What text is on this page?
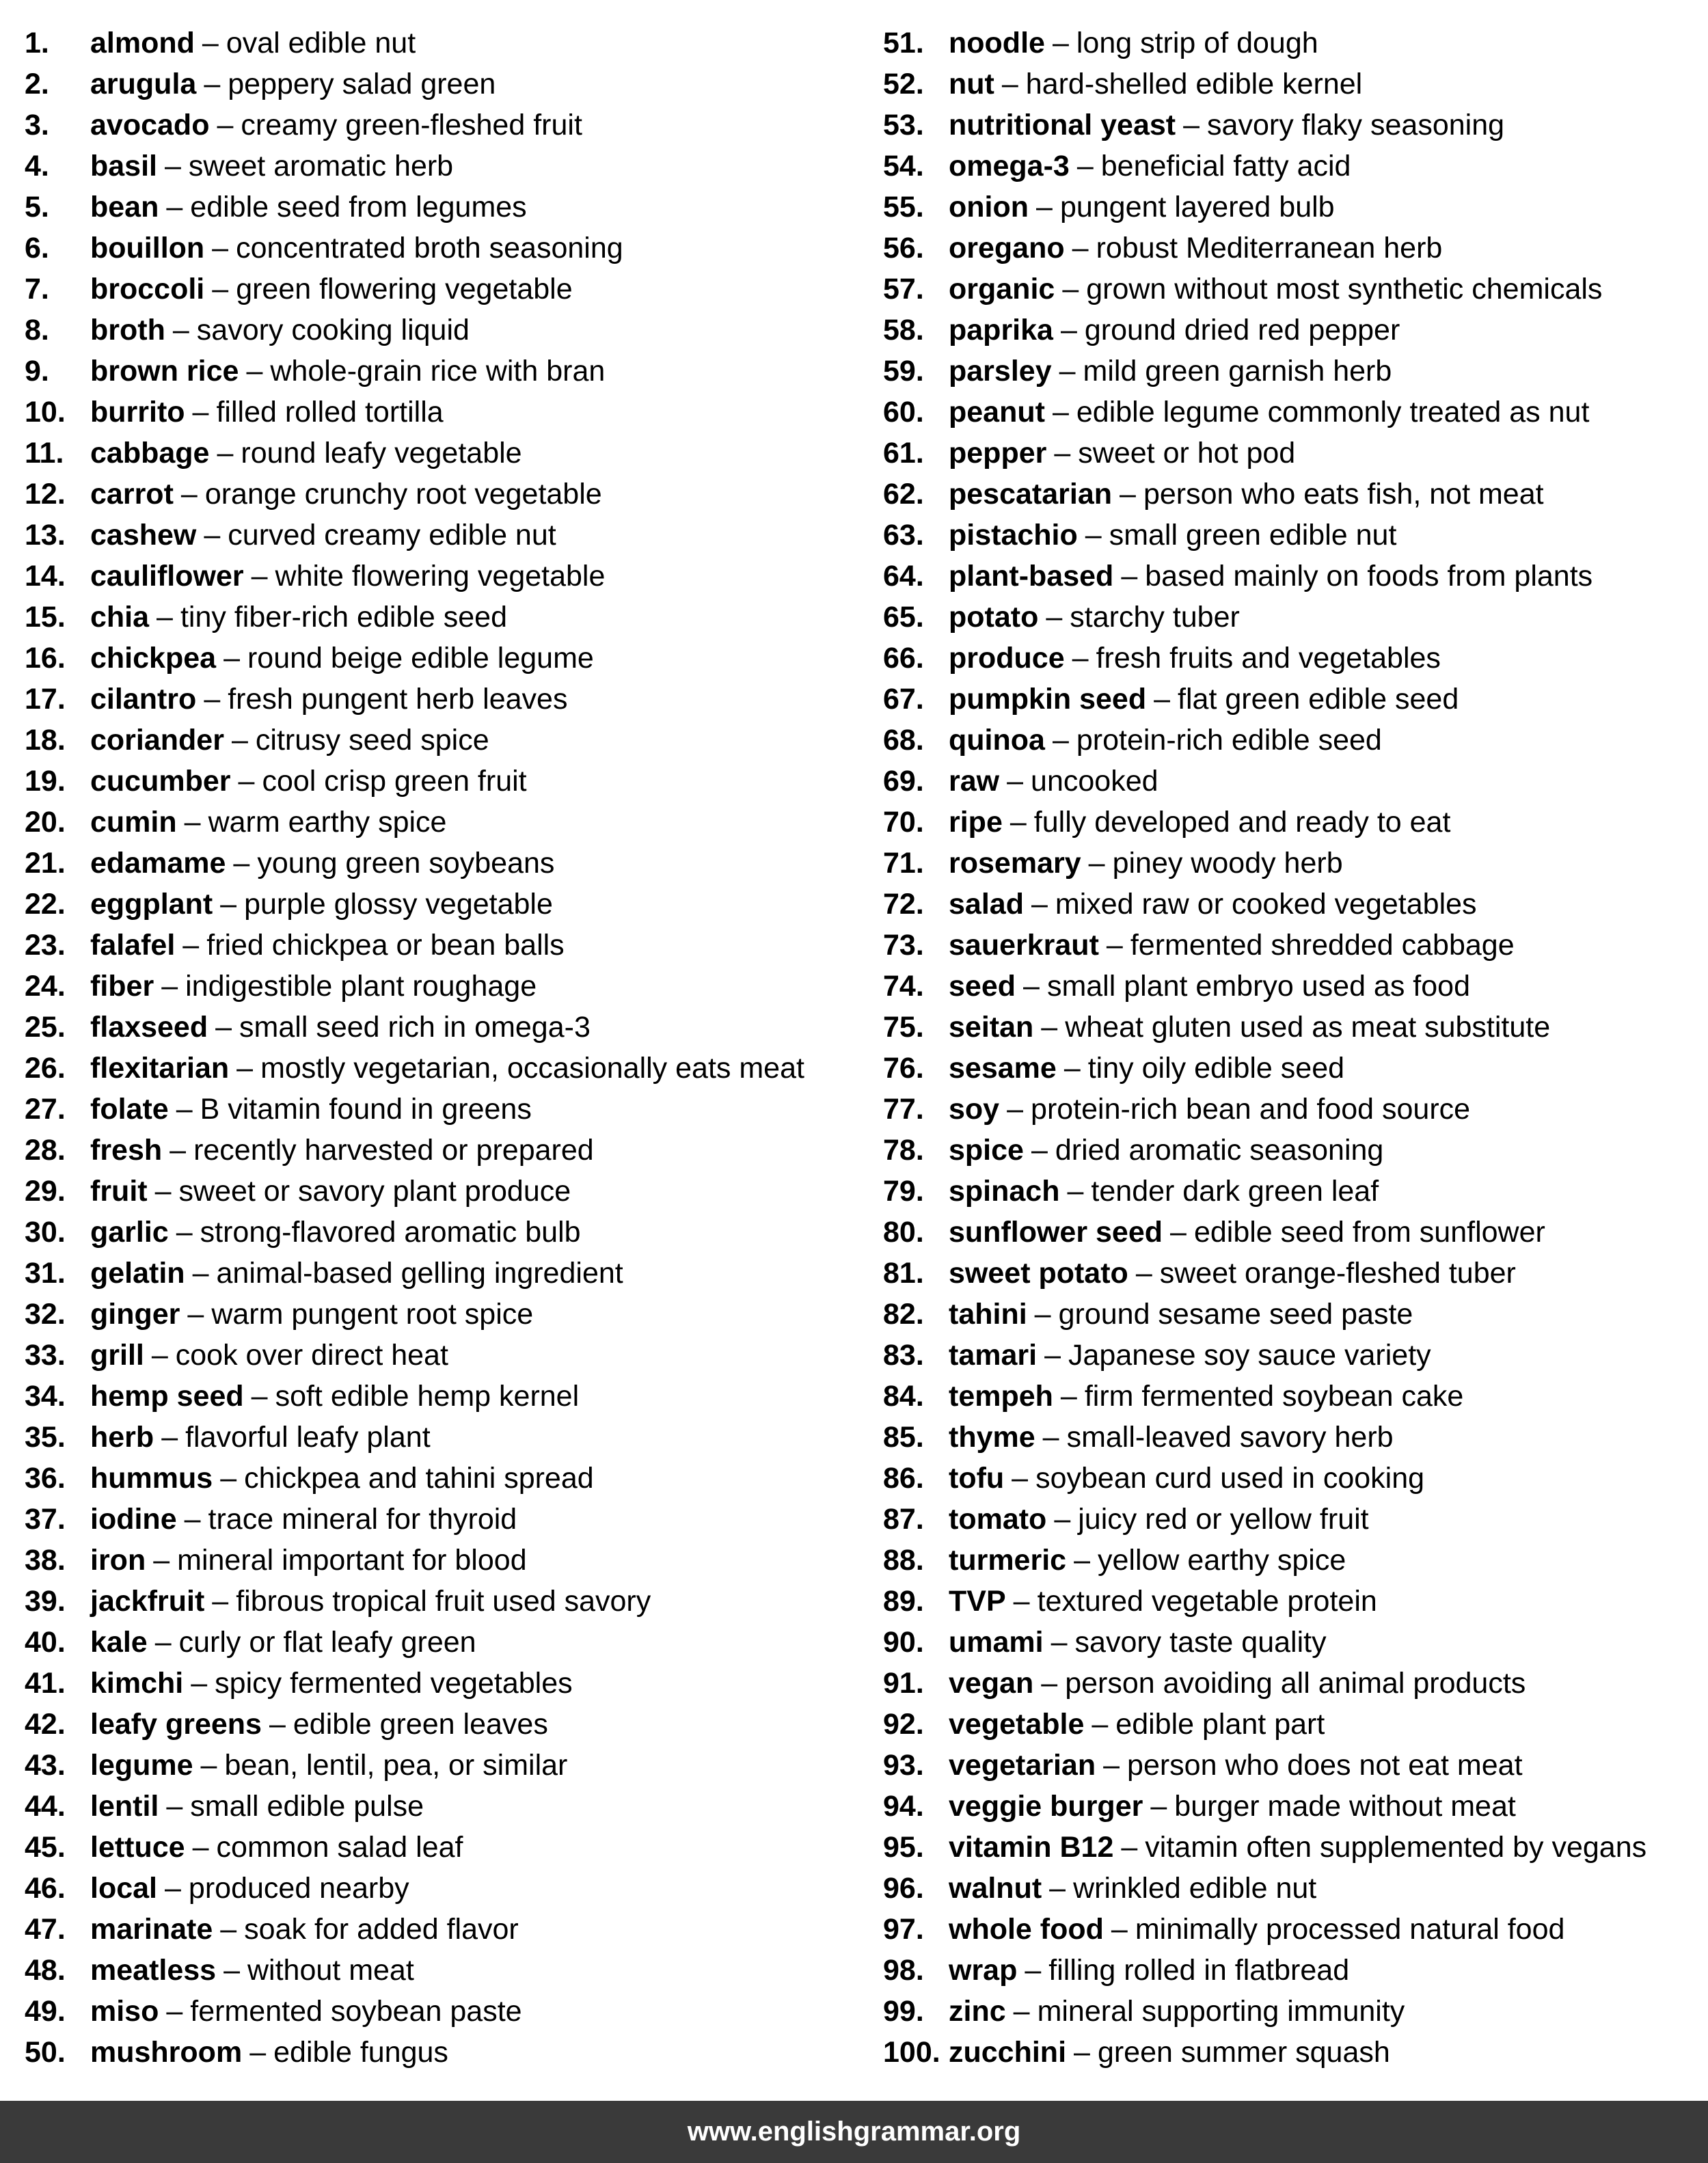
1.	almond – oval edible nut
2.	arugula – peppery salad green
3.	avocado – creamy green-fleshed fruit
4.	basil – sweet aromatic herb
5.	bean – edible seed from legumes
6.	bouillon – concentrated broth seasoning
7.	broccoli – green flowering vegetable
8.	broth – savory cooking liquid
9.	brown rice – whole-grain rice with bran
10. burrito – filled rolled tortilla
11. cabbage – round leafy vegetable
12. carrot – orange crunchy root vegetable
13. cashew – curved creamy edible nut
14. cauliflower – white flowering vegetable
15. chia – tiny fiber-rich edible seed
16. chickpea – round beige edible legume
17. cilantro – fresh pungent herb leaves
18. coriander – citrusy seed spice
19. cucumber – cool crisp green fruit
20. cumin – warm earthy spice
21. edamame – young green soybeans
22. eggplant – purple glossy vegetable
23. falafel – fried chickpea or bean balls
24. fiber – indigestible plant roughage
25. flaxseed – small seed rich in omega-3
26. flexitarian – mostly vegetarian, occasionally eats meat
27. folate – B vitamin found in greens
28. fresh – recently harvested or prepared
29. fruit – sweet or savory plant produce
30. garlic – strong-flavored aromatic bulb
31. gelatin – animal-based gelling ingredient
32. ginger – warm pungent root spice
33. grill – cook over direct heat
34. hemp seed – soft edible hemp kernel
35. herb – flavorful leafy plant
36. hummus – chickpea and tahini spread
37. iodine – trace mineral for thyroid
38. iron – mineral important for blood
39. jackfruit – fibrous tropical fruit used savory
40. kale – curly or flat leafy green
41. kimchi – spicy fermented vegetables
42. leafy greens – edible green leaves
43. legume – bean, lentil, pea, or similar
44. lentil – small edible pulse
45. lettuce – common salad leaf
46. local – produced nearby
47. marinate – soak for added flavor
48. meatless – without meat
49. miso – fermented soybean paste
50. mushroom – edible fungus
51. noodle – long strip of dough
52. nut – hard-shelled edible kernel
53. nutritional yeast – savory flaky seasoning
54. omega-3 – beneficial fatty acid
55. onion – pungent layered bulb
56. oregano – robust Mediterranean herb
57. organic – grown without most synthetic chemicals
58. paprika – ground dried red pepper
59. parsley – mild green garnish herb
60. peanut – edible legume commonly treated as nut
61. pepper – sweet or hot pod
62. pescatarian – person who eats fish, not meat
63. pistachio – small green edible nut
64. plant-based – based mainly on foods from plants
65. potato – starchy tuber
66. produce – fresh fruits and vegetables
67. pumpkin seed – flat green edible seed
68. quinoa – protein-rich edible seed
69. raw – uncooked
70. ripe – fully developed and ready to eat
71. rosemary – piney woody herb
72. salad – mixed raw or cooked vegetables
73. sauerkraut – fermented shredded cabbage
74. seed – small plant embryo used as food
75. seitan – wheat gluten used as meat substitute
76. sesame – tiny oily edible seed
77. soy – protein-rich bean and food source
78. spice – dried aromatic seasoning
79. spinach – tender dark green leaf
80. sunflower seed – edible seed from sunflower
81. sweet potato – sweet orange-fleshed tuber
82. tahini – ground sesame seed paste
83. tamari – Japanese soy sauce variety
84. tempeh – firm fermented soybean cake
85. thyme – small-leaved savory herb
86. tofu – soybean curd used in cooking
87. tomato – juicy red or yellow fruit
88. turmeric – yellow earthy spice
89. TVP – textured vegetable protein
90. umami – savory taste quality
91. vegan – person avoiding all animal products
92. vegetable – edible plant part
93. vegetarian – person who does not eat meat
94. veggie burger – burger made without meat
95. vitamin B12 – vitamin often supplemented by vegans
96. walnut – wrinkled edible nut
97. whole food – minimally processed natural food
98. wrap – filling rolled in flatbread
99. zinc – mineral supporting immunity
100. zucchini – green summer squash
www.englishgrammar.org
